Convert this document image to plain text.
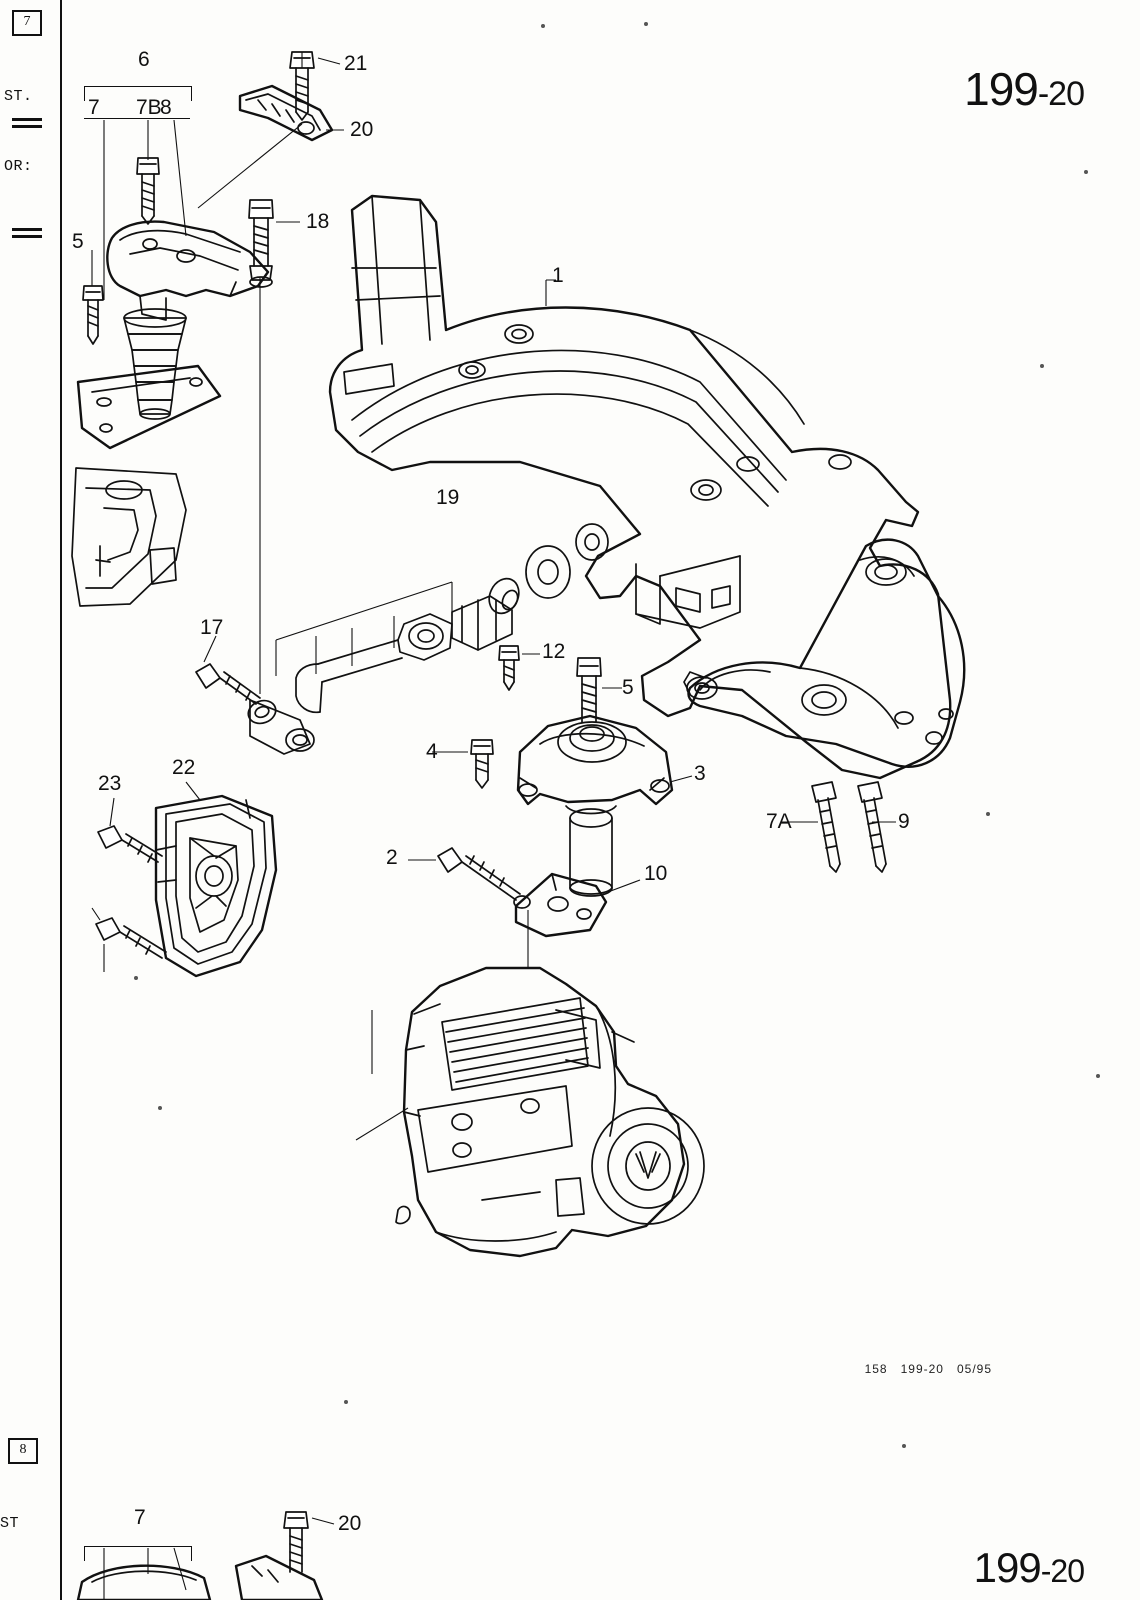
7
ST.
OR:
8
ST
199-20
199-20
158   199-20   05/95
6
7 7B
8
21
20
18
5
1
19
17
12
5
4
3
7A	9
22
23
2
10
7	20
